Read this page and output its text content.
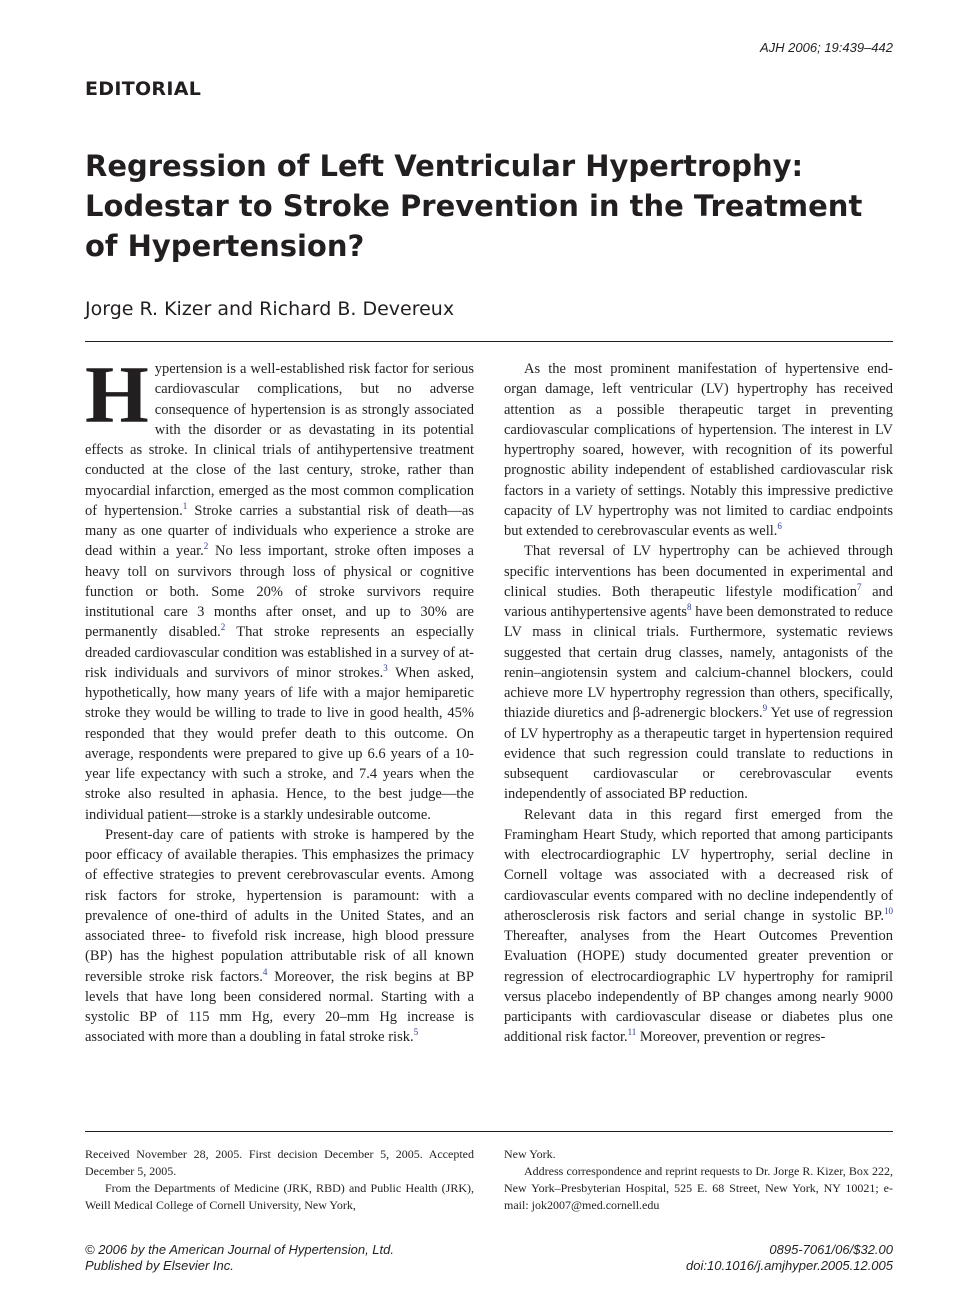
AJH 2006; 19:439–442
EDITORIAL
Regression of Left Ventricular Hypertrophy: Lodestar to Stroke Prevention in the Treatment of Hypertension?
Jorge R. Kizer and Richard B. Devereux

Hypertension is a well-established risk factor for serious cardiovascular complications, but no adverse consequence of hypertension is as strongly associated with the disorder or as devastating in its potential effects as stroke. In clinical trials of antihypertensive treatment conducted at the close of the last century, stroke, rather than myocardial infarction, emerged as the most common complication of hypertension.$^1$ Stroke carries a substantial risk of death—as many as one quarter of individuals who experience a stroke are dead within a year.$^2$ No less important, stroke often imposes a heavy toll on survivors through loss of physical or cognitive function or both. Some 20% of stroke survivors require institutional care 3 months after onset, and up to 30% are permanently disabled.$^2$ That stroke represents an especially dreaded cardiovascular condition was established in a survey of at-risk individuals and survivors of minor strokes.$^3$ When asked, hypothetically, how many years of life with a major hemiparetic stroke they would be willing to trade to live in good health, 45% responded that they would prefer death to this outcome. On average, respondents were prepared to give up 6.6 years of a 10-year life expectancy with such a stroke, and 7.4 years when the stroke also resulted in aphasia. Hence, to the best judge—the individual patient—stroke is a starkly undesirable outcome.

Present-day care of patients with stroke is hampered by the poor efficacy of available therapies. This emphasizes the primacy of effective strategies to prevent cerebrovascular events. Among risk factors for stroke, hypertension is paramount: with a prevalence of one-third of adults in the United States, and an associated three- to fivefold risk increase, high blood pressure (BP) has the highest population attributable risk of all known reversible stroke risk factors.$^4$ Moreover, the risk begins at BP levels that have long been considered normal. Starting with a systolic BP of 115 mm Hg, every 20–mm Hg increase is associated with more than a doubling in fatal stroke risk.$^5$

As the most prominent manifestation of hypertensive end-organ damage, left ventricular (LV) hypertrophy has received attention as a possible therapeutic target in preventing cardiovascular complications of hypertension. The interest in LV hypertrophy soared, however, with recognition of its powerful prognostic ability independent of established cardiovascular risk factors in a variety of settings. Notably this impressive predictive capacity of LV hypertrophy was not limited to cardiac endpoints but extended to cerebrovascular events as well.$^6$

That reversal of LV hypertrophy can be achieved through specific interventions has been documented in experimental and clinical studies. Both therapeutic lifestyle modification$^7$ and various antihypertensive agents$^8$ have been demonstrated to reduce LV mass in clinical trials. Furthermore, systematic reviews suggested that certain drug classes, namely, antagonists of the renin–angiotensin system and calcium-channel blockers, could achieve more LV hypertrophy regression than others, specifically, thiazide diuretics and β-adrenergic blockers.$^9$ Yet use of regression of LV hypertrophy as a therapeutic target in hypertension required evidence that such regression could translate to reductions in subsequent cardiovascular or cerebrovascular events independently of associated BP reduction.

Relevant data in this regard first emerged from the Framingham Heart Study, which reported that among participants with electrocardiographic LV hypertrophy, serial decline in Cornell voltage was associated with a decreased risk of cardiovascular events compared with no decline independently of atherosclerosis risk factors and serial change in systolic BP.$^{10}$ Thereafter, analyses from the Heart Outcomes Prevention Evaluation (HOPE) study documented greater prevention or regression of electrocardiographic LV hypertrophy for ramipril versus placebo independently of BP changes among nearly 9000 participants with cardiovascular disease or diabetes plus one additional risk factor.$^{11}$ Moreover, prevention or regres-

Received November 28, 2005. First decision December 5, 2005. Accepted December 5, 2005.

From the Departments of Medicine (JRK, RBD) and Public Health (JRK), Weill Medical College of Cornell University, New York,

New York.

Address correspondence and reprint requests to Dr. Jorge R. Kizer, Box 222, New York–Presbyterian Hospital, 525 E. 68 Street, New York, NY 10021; e-mail: jok2007@med.cornell.edu

© 2006 by the American Journal of Hypertension, Ltd.
Published by Elsevier Inc.
0895-7061/06/$32.00
doi:10.1016/j.amjhyper.2005.12.005
